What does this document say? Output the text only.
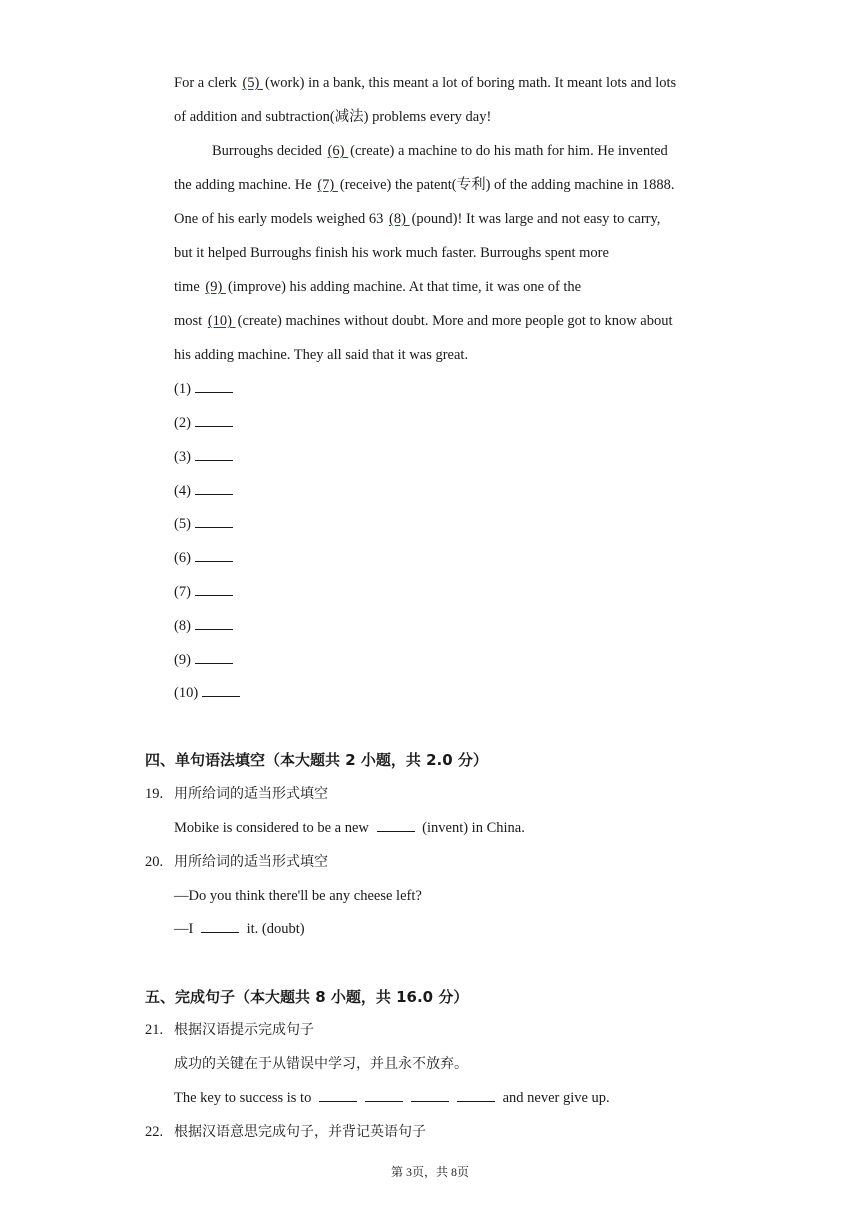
For a clerk (5) (work) in a bank, this meant a lot of boring math. It meant lots and lots
of addition and subtraction(减法) problems every day!
Burroughs decided (6) (create) a machine to do his math for him. He invented
the adding machine. He (7) (receive) the patent(专利) of the adding machine in 1888.
One of his early models weighed 63 (8) (pound)! It was large and not easy to carry,
but it helped Burroughs finish his work much faster. Burroughs spent more
time (9) (improve) his adding machine. At that time, it was one of the
most (10) (create) machines without doubt. More and more people got to know about
his adding machine. They all said that it was great.
(1)
(2)
(3)
(4)
(5)
(6)
(7)
(8)
(9)
(10)
四、单句语法填空（本大题共 2 小题，共 2.0 分）
19. 用所给词的适当形式填空
Mobike is considered to be a new	(invent) in China.
20. 用所给词的适当形式填空
—Do you think there'll be any cheese left?
—I	it. (doubt)
五、完成句子（本大题共 8 小题，共 16.0 分）
21. 根据汉语提示完成句子
成功的关键在于从错误中学习，并且永不放弃。
The key to success is to	and never give up.
22. 根据汉语意思完成句子，并背记英语句子
第 3页，共 8页
